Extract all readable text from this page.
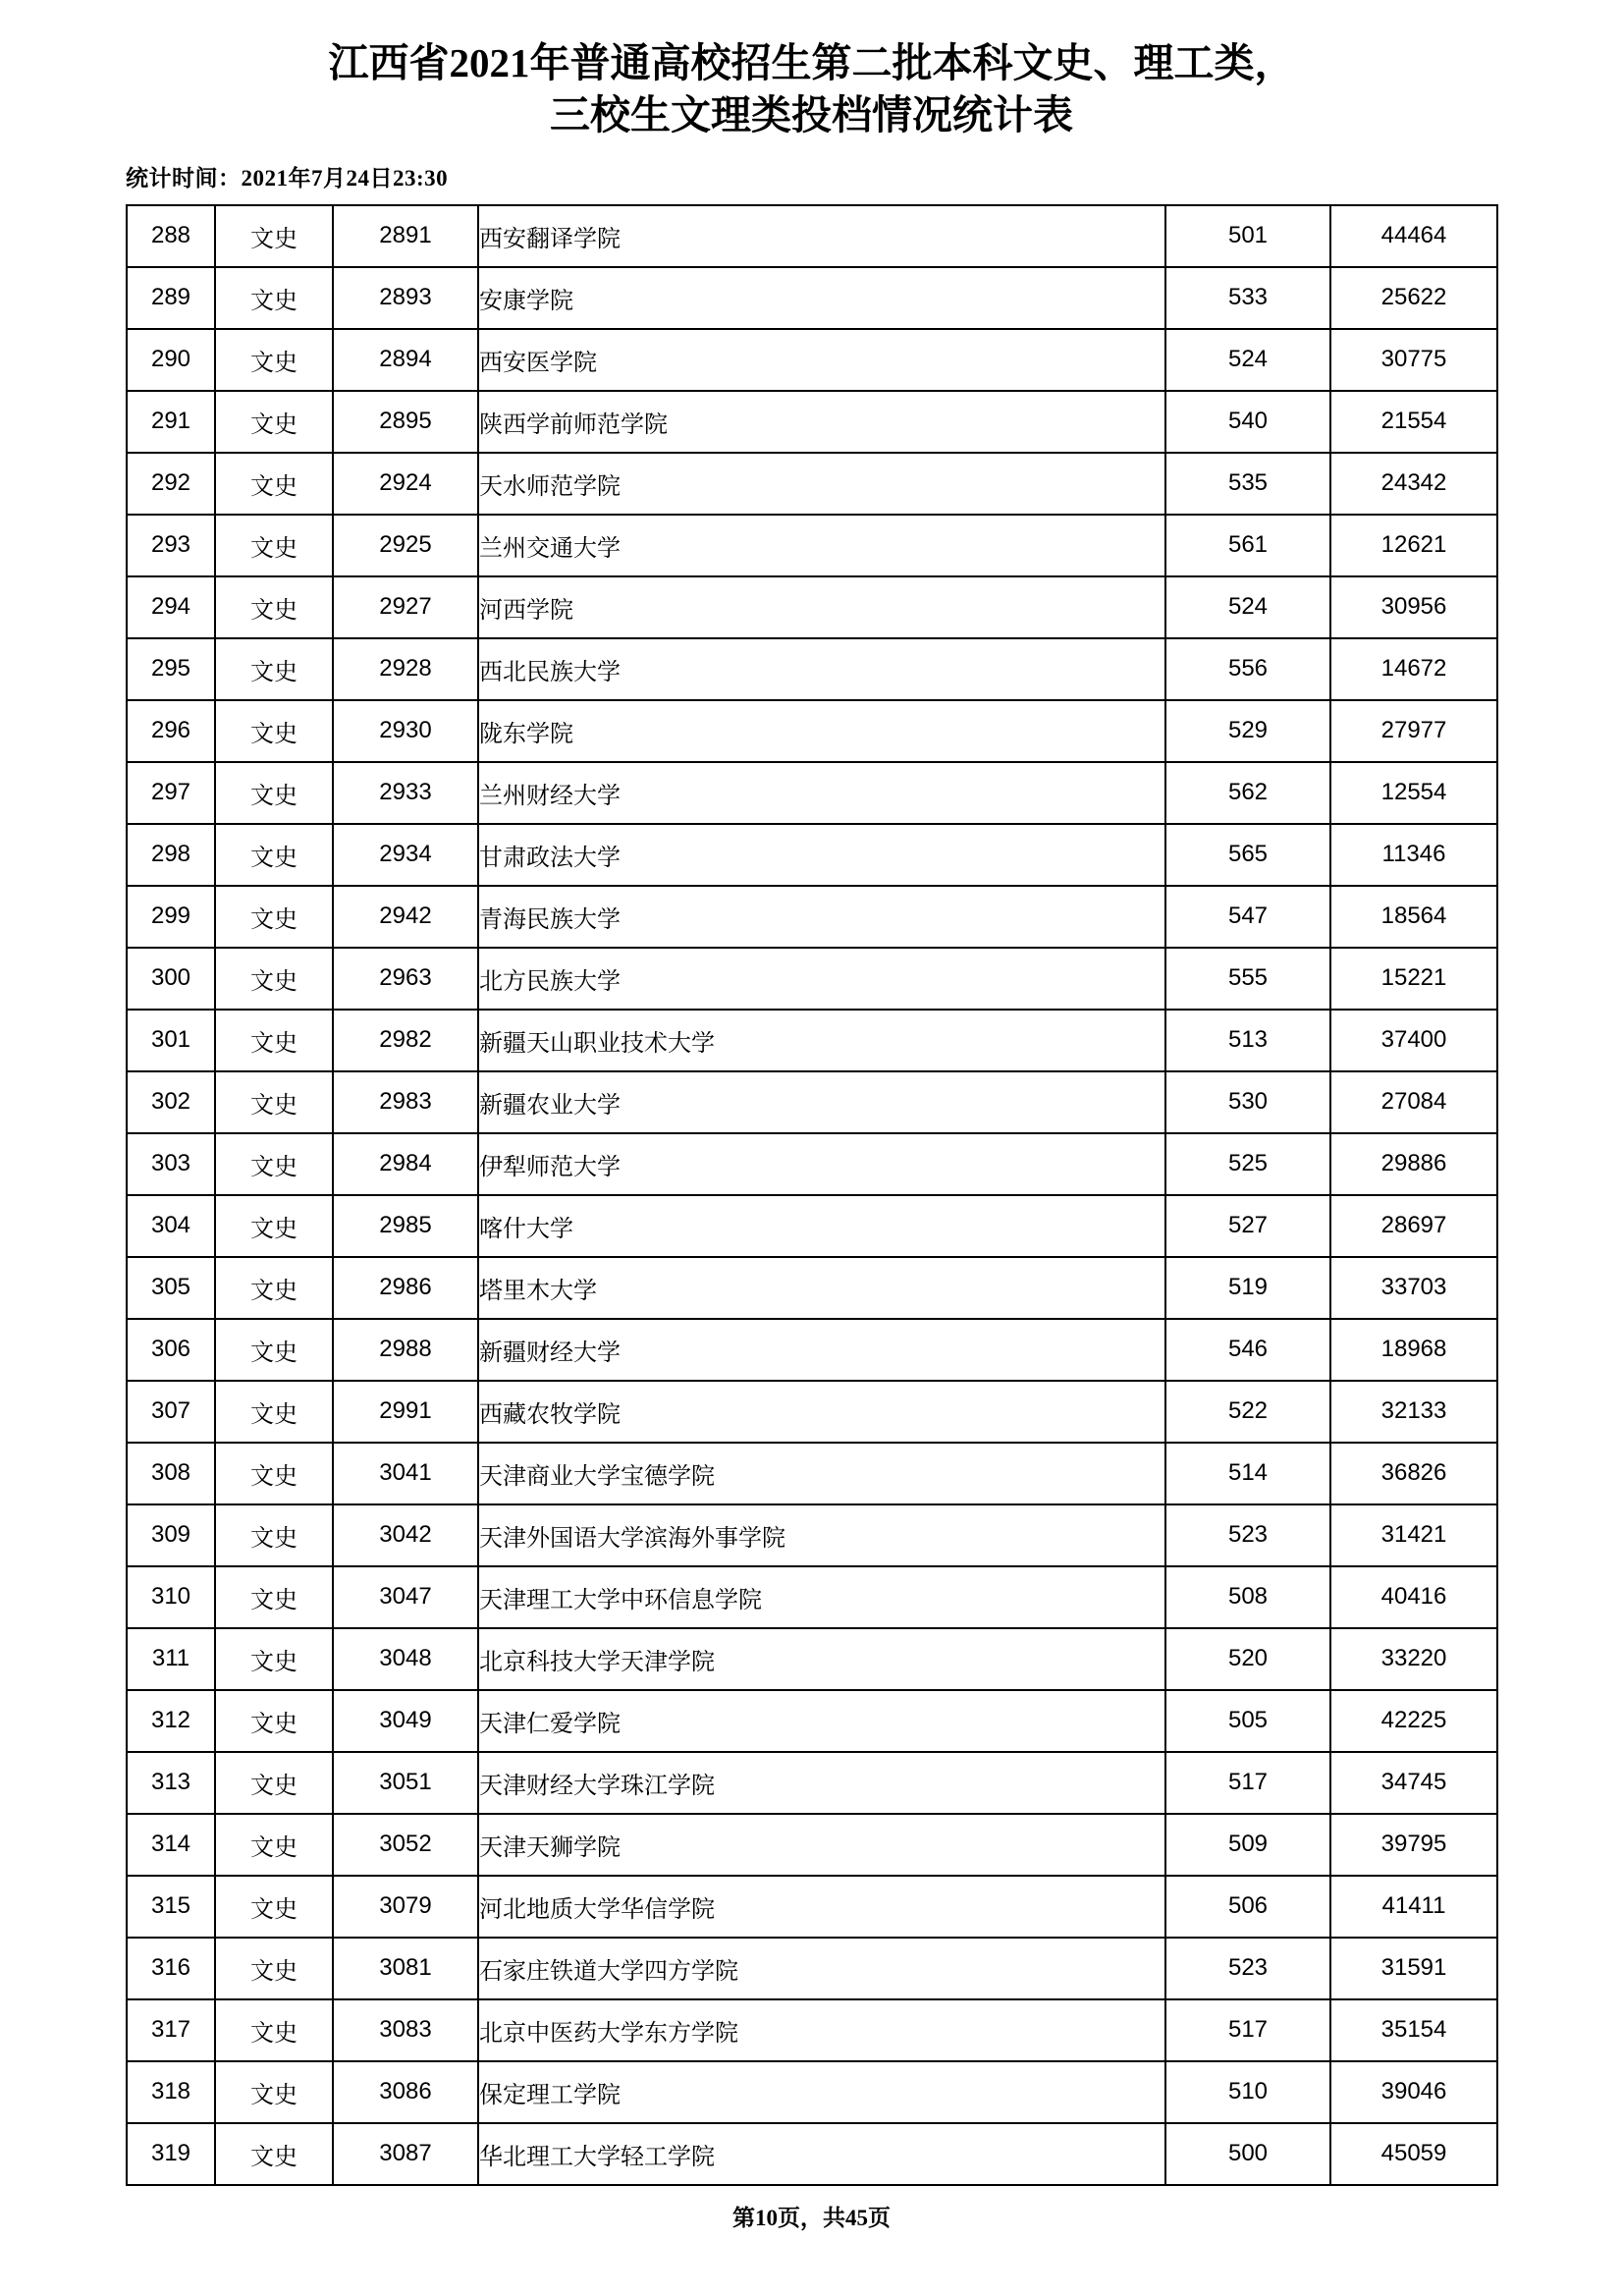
江西省2021年普通高校招生第二批本科文史、理工类，
三校生文理类投档情况统计表
统计时间：2021年7月24日23:30
288	文史	2891	西安翻译学院	501	44464
289	文史	2893	安康学院	533	25622
290	文史	2894	西安医学院	524	30775
291	文史	2895	陕西学前师范学院	540	21554
292	文史	2924	天水师范学院	535	24342
293	文史	2925	兰州交通大学	561	12621
294	文史	2927	河西学院	524	30956
295	文史	2928	西北民族大学	556	14672
296	文史	2930	陇东学院	529	27977
297	文史	2933	兰州财经大学	562	12554
298	文史	2934	甘肃政法大学	565	11346
299	文史	2942	青海民族大学	547	18564
300	文史	2963	北方民族大学	555	15221
301	文史	2982	新疆天山职业技术大学	513	37400
302	文史	2983	新疆农业大学	530	27084
303	文史	2984	伊犁师范大学	525	29886
304	文史	2985	喀什大学	527	28697
305	文史	2986	塔里木大学	519	33703
306	文史	2988	新疆财经大学	546	18968
307	文史	2991	西藏农牧学院	522	32133
308	文史	3041	天津商业大学宝德学院	514	36826
309	文史	3042	天津外国语大学滨海外事学院	523	31421
310	文史	3047	天津理工大学中环信息学院	508	40416
311	文史	3048	北京科技大学天津学院	520	33220
312	文史	3049	天津仁爱学院	505	42225
313	文史	3051	天津财经大学珠江学院	517	34745
314	文史	3052	天津天狮学院	509	39795
315	文史	3079	河北地质大学华信学院	506	41411
316	文史	3081	石家庄铁道大学四方学院	523	31591
317	文史	3083	北京中医药大学东方学院	517	35154
318	文史	3086	保定理工学院	510	39046
319	文史	3087	华北理工大学轻工学院	500	45059
第10页，共45页
